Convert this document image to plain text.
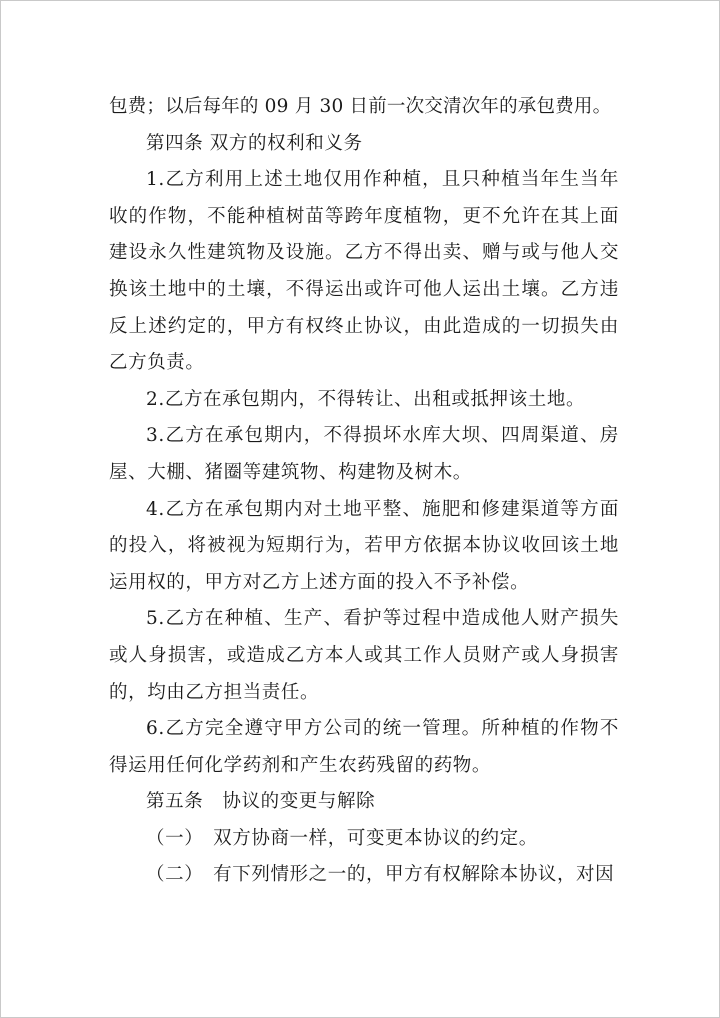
包费；以后每年的 09 月 30 日前一次交清次年的承包费用。

第四条 双方的权利和义务

1.乙方利用上述土地仅用作种植，且只种植当年生当年收的作物，不能种植树苗等跨年度植物，更不允许在其上面建设永久性建筑物及设施。乙方不得出卖、赠与或与他人交换该土地中的土壤，不得运出或许可他人运出土壤。乙方违反上述约定的，甲方有权终止协议，由此造成的一切损失由乙方负责。

2.乙方在承包期内，不得转让、出租或抵押该土地。

3.乙方在承包期内，不得损坏水库大坝、四周渠道、房屋、大棚、猪圈等建筑物、构建物及树木。

4.乙方在承包期内对土地平整、施肥和修建渠道等方面的投入，将被视为短期行为，若甲方依据本协议收回该土地运用权的，甲方对乙方上述方面的投入不予补偿。

5.乙方在种植、生产、看护等过程中造成他人财产损失或人身损害，或造成乙方本人或其工作人员财产或人身损害的，均由乙方担当责任。

6.乙方完全遵守甲方公司的统一管理。所种植的作物不得运用任何化学药剂和产生农药残留的药物。

第五条　协议的变更与解除

（一）　双方协商一样，可变更本协议的约定。

（二）　有下列情形之一的，甲方有权解除本协议，对因
